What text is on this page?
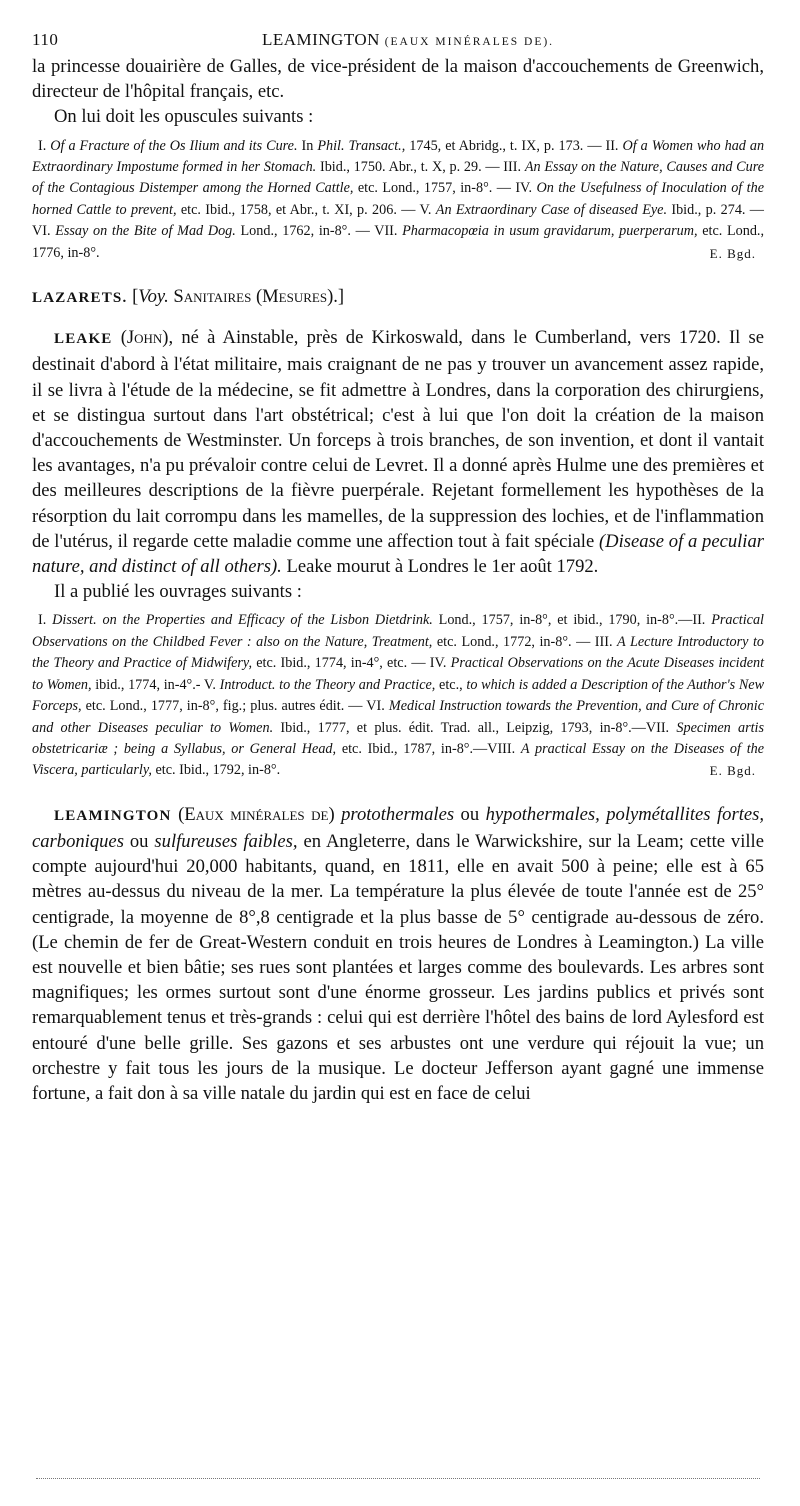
110	LEAMINGTON (EAUX MINÉRALES DE).

la princesse douairière de Galles, de vice-président de la maison d'accouchements de Greenwich, directeur de l'hôpital français, etc.

On lui doit les opuscules suivants :

I. Of a Fracture of the Os Ilium and its Cure. In Phil. Transact., 1745, et Abridg., t. IX, p. 173. — II. Of a Women who had an Extraordinary Impostume formed in her Stomach. Ibid., 1750. Abr., t. X, p. 29. — III. An Essay on the Nature, Causes and Cure of the Contagious Distemper among the Horned Cattle, etc. Lond., 1757, in-8°. — IV. On the Usefulness of Inoculation of the horned Cattle to prevent, etc. Ibid., 1758, et Abr., t. XI, p. 206. — V. An Extraordinary Case of diseased Eye. Ibid., p. 274. — VI. Essay on the Bite of Mad Dog. Lond., 1762, in-8°. — VII. Pharmacopœia in usum gravidarum, puerperarum, etc. Lond., 1776, in-8°.	E. Bgd.

LAZARETS. [Voy. Sanitaires (Mesures).]

LEAKE (John), né à Ainstable, près de Kirkoswald, dans le Cumberland, vers 1720. Il se destinait d'abord à l'état militaire, mais craignant de ne pas y trouver un avancement assez rapide, il se livra à l'étude de la médecine, se fit admettre à Londres, dans la corporation des chirurgiens, et se distingua surtout dans l'art obstétrical; c'est à lui que l'on doit la création de la maison d'accouchements de Westminster. Un forceps à trois branches, de son invention, et dont il vantait les avantages, n'a pu prévaloir contre celui de Levret. Il a donné après Hulme une des premières et des meilleures descriptions de la fièvre puerpérale. Rejetant formellement les hypothèses de la résorption du lait corrompu dans les mamelles, de la suppression des lochies, et de l'inflammation de l'utérus, il regarde cette maladie comme une affection tout à fait spéciale (Disease of a peculiar nature, and distinct of all others). Leake mourut à Londres le 1er août 1792.

Il a publié les ouvrages suivants :

I. Dissert. on the Properties and Efficacy of the Lisbon Dietdrink. Lond., 1757, in-8°, et ibid., 1790, in-8°.—II. Practical Observations on the Childbed Fever : also on the Nature, Treatment, etc. Lond., 1772, in-8°. — III. A Lecture Introductory to the Theory and Practice of Midwifery, etc. Ibid., 1774, in-4°, etc. — IV. Practical Observations on the Acute Diseases incident to Women, ibid., 1774, in-4°.- V. Introduct. to the Theory and Practice, etc., to which is added a Description of the Author's New Forceps, etc. Lond., 1777, in-8°, fig.; plus. autres édit. — VI. Medical Instruction towards the Prevention, and Cure of Chronic and other Diseases peculiar to Women. Ibid., 1777, et plus. édit. Trad. all., Leipzig, 1793, in-8°.—VII. Specimen artis obstetricariæ ; being a Syllabus, or General Head, etc. Ibid., 1787, in-8°.—VIII. A practical Essay on the Diseases of the Viscera, particularly, etc. Ibid., 1792, in-8°.	E. Bgd.

LEAMINGTON (Eaux minérales de) protothermales ou hypothermales, polymétallites fortes, carboniques ou sulfureuses faibles, en Angleterre, dans le Warwickshire, sur la Leam; cette ville compte aujourd'hui 20,000 habitants, quand, en 1811, elle en avait 500 à peine; elle est à 65 mètres au-dessus du niveau de la mer. La température la plus élevée de toute l'année est de 25° centigrade, la moyenne de 8°,8 centigrade et la plus basse de 5° centigrade au-dessous de zéro. (Le chemin de fer de Great-Western conduit en trois heures de Londres à Leamington.) La ville est nouvelle et bien bâtie; ses rues sont plantées et larges comme des boulevards. Les arbres sont magnifiques; les ormes surtout sont d'une énorme grosseur. Les jardins publics et privés sont remarquablement tenus et très-grands : celui qui est derrière l'hôtel des bains de lord Aylesford est entouré d'une belle grille. Ses gazons et ses arbustes ont une verdure qui réjouit la vue; un orchestre y fait tous les jours de la musique. Le docteur Jefferson ayant gagné une immense fortune, a fait don à sa ville natale du jardin qui est en face de celui
